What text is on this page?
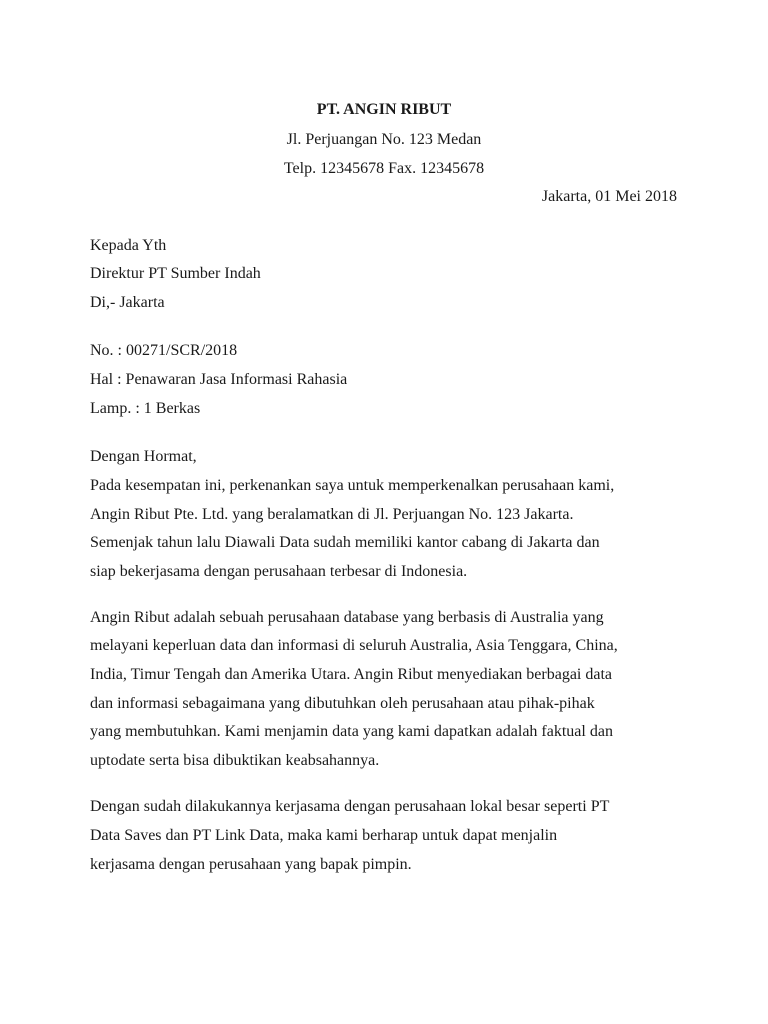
PT. ANGIN RIBUT
Jl. Perjuangan No. 123 Medan
Telp. 12345678 Fax. 12345678
Jakarta, 01 Mei 2018
Kepada Yth
Direktur PT Sumber Indah
Di,- Jakarta
No. : 00271/SCR/2018
Hal : Penawaran Jasa Informasi Rahasia
Lamp. : 1 Berkas
Dengan Hormat,
Pada kesempatan ini, perkenankan saya untuk memperkenalkan perusahaan kami,
Angin Ribut Pte. Ltd. yang beralamatkan di Jl. Perjuangan No. 123 Jakarta.
Semenjak tahun lalu Diawali Data sudah memiliki kantor cabang di Jakarta dan
siap bekerjasama dengan perusahaan terbesar di Indonesia.
Angin Ribut adalah sebuah perusahaan database yang berbasis di Australia yang
melayani keperluan data dan informasi di seluruh Australia, Asia Tenggara, China,
India, Timur Tengah dan Amerika Utara. Angin Ribut menyediakan berbagai data
dan informasi sebagaimana yang dibutuhkan oleh perusahaan atau pihak-pihak
yang membutuhkan. Kami menjamin data yang kami dapatkan adalah faktual dan
uptodate serta bisa dibuktikan keabsahannya.
Dengan sudah dilakukannya kerjasama dengan perusahaan lokal besar seperti PT
Data Saves dan PT Link Data, maka kami berharap untuk dapat menjalin
kerjasama dengan perusahaan yang bapak pimpin.
